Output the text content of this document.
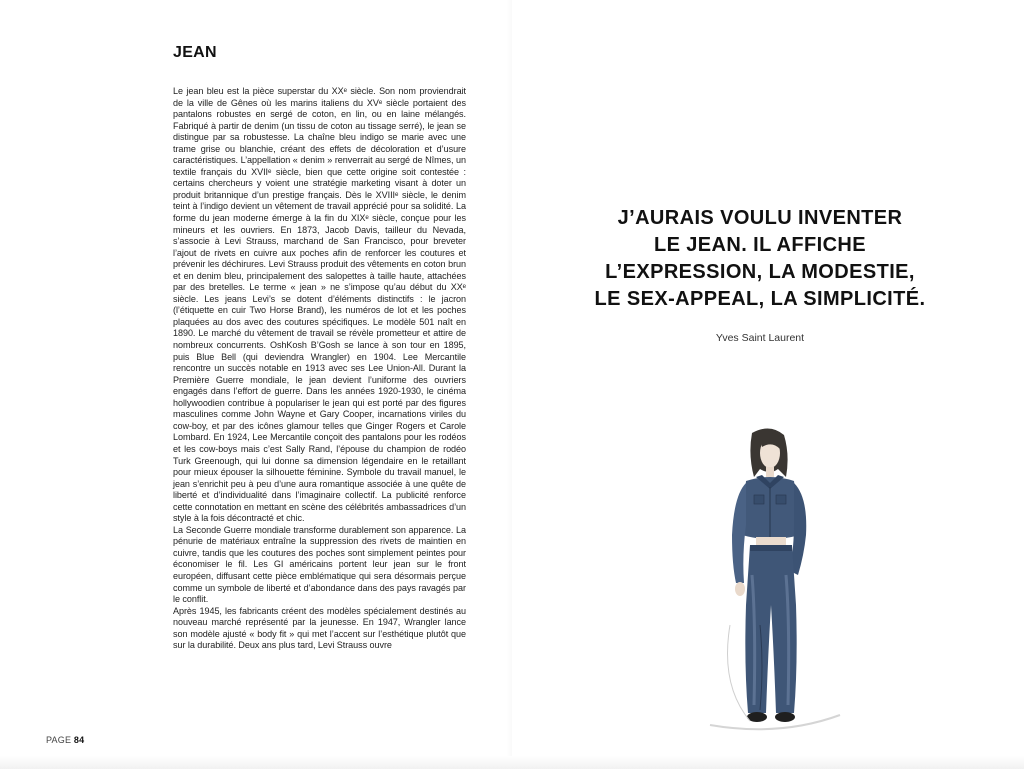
JEAN

Le jean bleu est la pièce superstar du XXᵉ siècle. Son nom proviendrait de la ville de Gênes où les marins italiens du XVᵉ siècle portaient des pantalons robustes en sergé de coton, en lin, ou en laine mélangés. Fabriqué à partir de denim (un tissu de coton au tissage serré), le jean se distingue par sa robustesse. La chaîne bleu indigo se marie avec une trame grise ou blanchie, créant des effets de décoloration et d’usure caractéristiques. L’appellation « denim » renverrait au sergé de Nîmes, un textile français du XVIIᵉ siècle, bien que cette origine soit contestée : certains chercheurs y voient une stratégie marketing visant à doter un produit britannique d’un prestige français. Dès le XVIIIᵉ siècle, le denim teint à l’indigo devient un vêtement de travail apprécié pour sa solidité. La forme du jean moderne émerge à la fin du XIXᵉ siècle, conçue pour les mineurs et les ouvriers. En 1873, Jacob Davis, tailleur du Nevada, s’associe à Levi Strauss, marchand de San Francisco, pour breveter l’ajout de rivets en cuivre aux poches afin de renforcer les coutures et prévenir les déchirures. Levi Strauss produit des vêtements en coton brun et en denim bleu, principalement des salopettes à taille haute, attachées par des bretelles. Le terme « jean » ne s’impose qu’au début du XXᵉ siècle. Les jeans Levi’s se dotent d’éléments distinctifs : le jacron (l’étiquette en cuir Two Horse Brand), les numéros de lot et les poches plaquées au dos avec des coutures spécifiques. Le modèle 501 naît en 1890. Le marché du vêtement de travail se révèle prometteur et attire de nombreux concurrents. OshKosh B’Gosh se lance à son tour en 1895, puis Blue Bell (qui deviendra Wrangler) en 1904. Lee Mercantile rencontre un succès notable en 1913 avec ses Lee Union-All. Durant la Première Guerre mondiale, le jean devient l’uniforme des ouvriers engagés dans l’effort de guerre. Dans les années 1920-1930, le cinéma hollywoodien contribue à populariser le jean qui est porté par des figures masculines comme John Wayne et Gary Cooper, incarnations viriles du cow-boy, et par des icônes glamour telles que Ginger Rogers et Carole Lombard. En 1924, Lee Mercantile conçoit des pantalons pour les rodéos et les cow-boys mais c’est Sally Rand, l’épouse du champion de rodéo Turk Greenough, qui lui donne sa dimension légendaire en le retaillant pour mieux épouser la silhouette féminine. Symbole du travail manuel, le jean s’enrichit peu à peu d’une aura romantique associée à une quête de liberté et d’individualité dans l’imaginaire collectif. La publicité renforce cette connotation en mettant en scène des célébrités ambassadrices d’un style à la fois décontracté et chic.

La Seconde Guerre mondiale transforme durablement son apparence. La pénurie de matériaux entraîne la suppression des rivets de maintien en cuivre, tandis que les coutures des poches sont simplement peintes pour économiser le fil. Les GI américains portent leur jean sur le front européen, diffusant cette pièce emblématique qui sera désormais perçue comme un symbole de liberté et d’abondance dans des pays ravagés par le conflit.

Après 1945, les fabricants créent des modèles spécialement destinés au nouveau marché représenté par la jeunesse. En 1947, Wrangler lance son modèle ajusté « body fit » qui met l’accent sur l’esthétique plutôt que sur la durabilité. Deux ans plus tard, Levi Strauss ouvre

PAGE 84
J’AURAIS VOULU INVENTER
LE JEAN. IL AFFICHE
L’EXPRESSION, LA MODESTIE,
LE SEX-APPEAL, LA SIMPLICITÉ.
Yves Saint Laurent
